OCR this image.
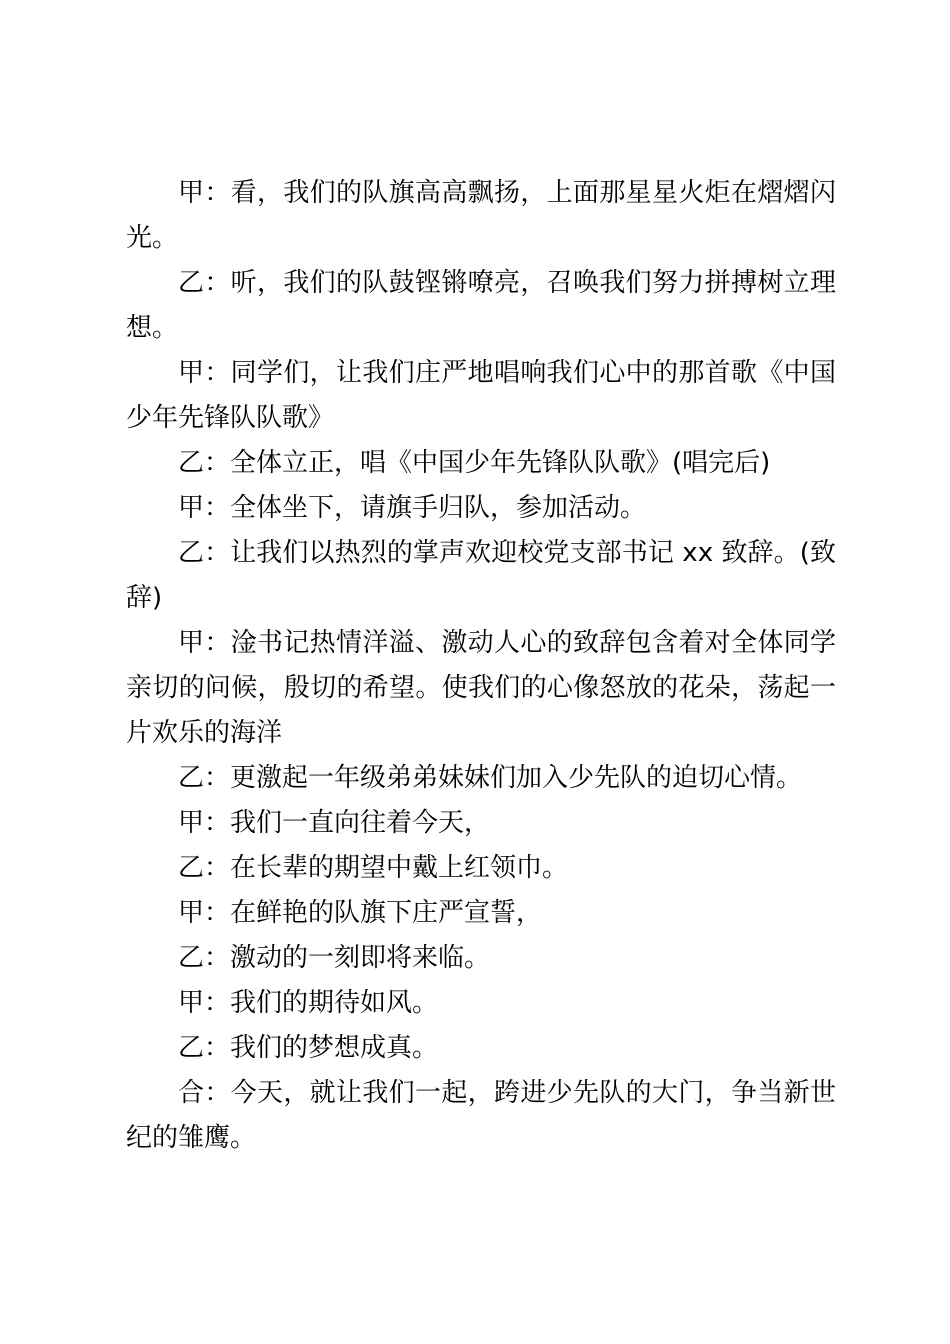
甲：看，我们的队旗高高飘扬，上面那星星火炬在熠熠闪光。

乙：听，我们的队鼓铿锵嘹亮，召唤我们努力拼搏树立理想。

甲：同学们，让我们庄严地唱响我们心中的那首歌《中国少年先锋队队歌》

乙：全体立正，唱《中国少年先锋队队歌》(唱完后)

甲：全体坐下，请旗手归队，参加活动。

乙：让我们以热烈的掌声欢迎校党支部书记 xx 致辞。(致辞)

甲：淦书记热情洋溢、激动人心的致辞包含着对全体同学亲切的问候，殷切的希望。使我们的心像怒放的花朵，荡起一片欢乐的海洋

乙：更激起一年级弟弟妹妹们加入少先队的迫切心情。

甲：我们一直向往着今天，

乙：在长辈的期望中戴上红领巾。

甲：在鲜艳的队旗下庄严宣誓，

乙：激动的一刻即将来临。

甲：我们的期待如风。

乙：我们的梦想成真。

合：今天，就让我们一起，跨进少先队的大门，争当新世纪的雏鹰。
